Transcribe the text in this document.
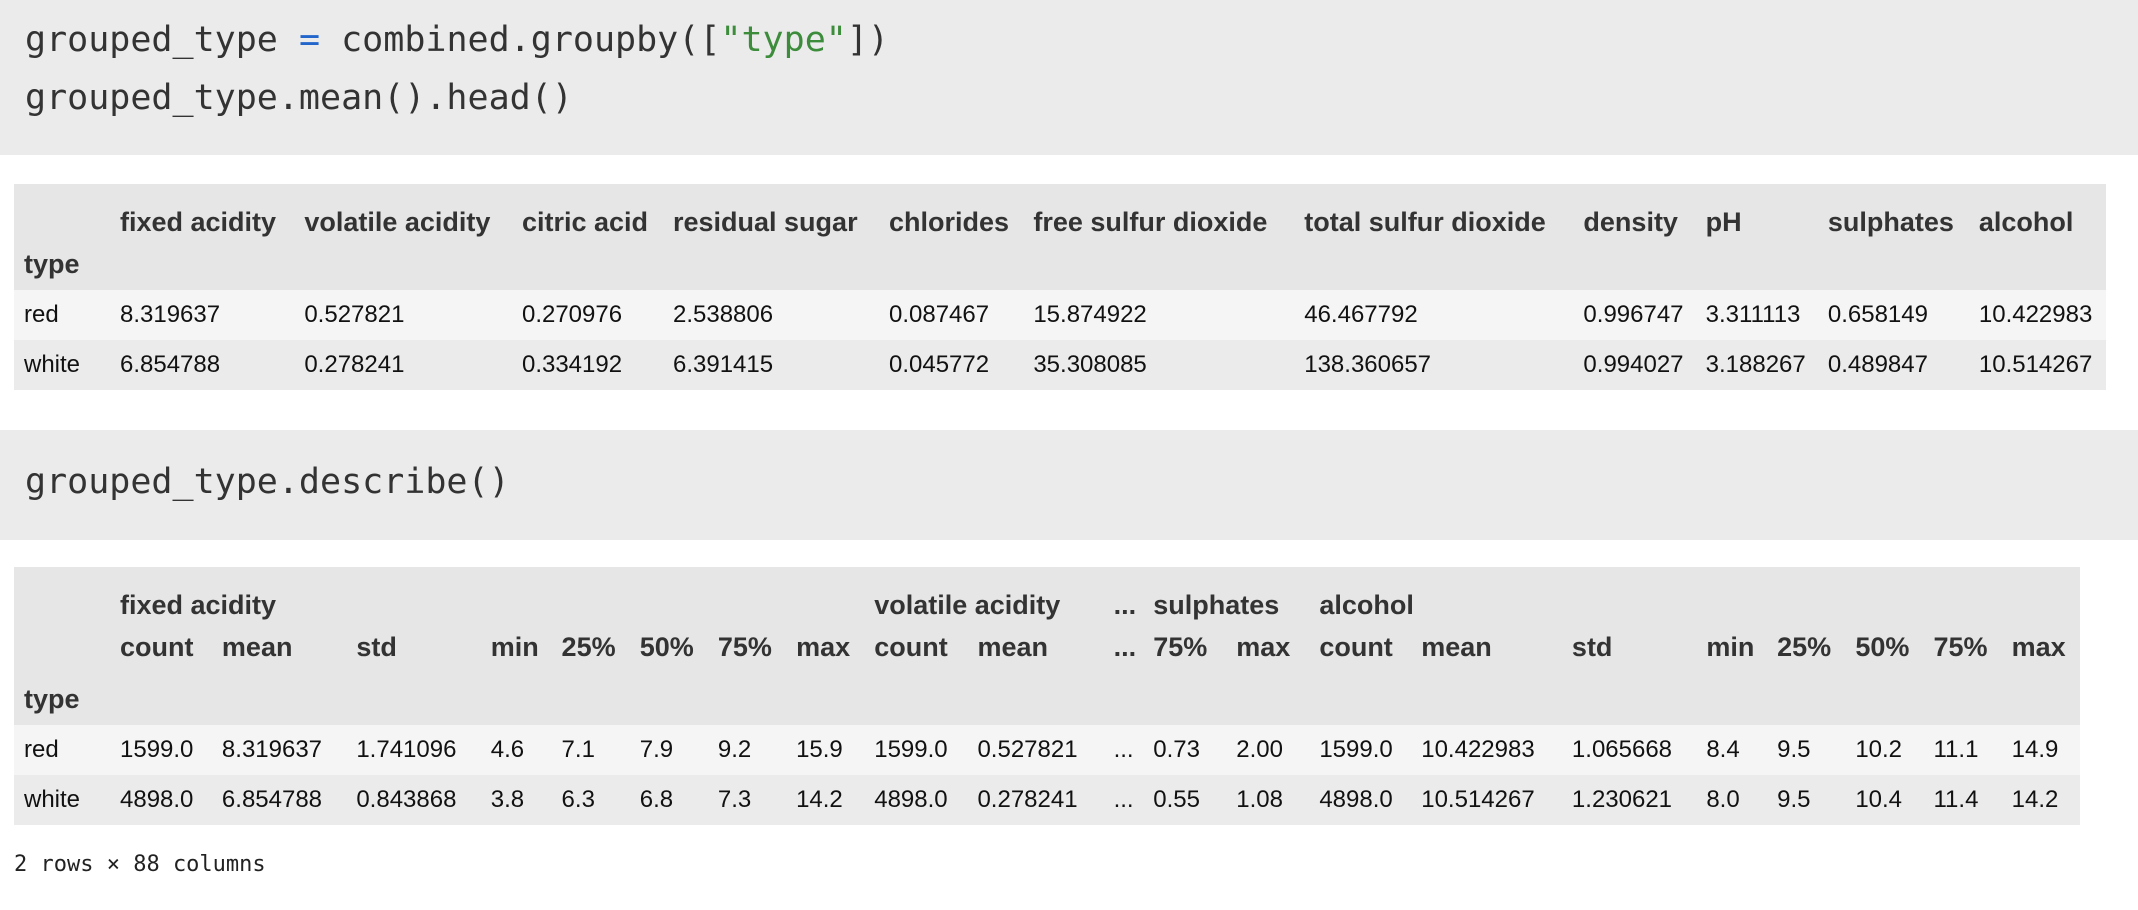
grouped_type = combined.groupby(["type"])
grouped_type.mean().head()
	fixed acidity	volatile acidity	citric acid	residual sugar	chlorides	free sulfur dioxide	total sulfur dioxide	density	pH	sulphates	alcohol
type											
red	8.319637	0.527821	0.270976	2.538806	0.087467	15.874922	46.467792	0.996747	3.311113	0.658149	10.422983
white	6.854788	0.278241	0.334192	6.391415	0.045772	35.308085	138.360657	0.994027	3.188267	0.489847	10.514267
grouped_type.describe()
	fixed acidity								volatile acidity		...	sulphates		alcohol							
	count	mean	std	min	25%	50%	75%	max	count	mean	...	75%	max	count	mean	std	min	25%	50%	75%	max
type																					
red	1599.0	8.319637	1.741096	4.6	7.1	7.9	9.2	15.9	1599.0	0.527821	...	0.73	2.00	1599.0	10.422983	1.065668	8.4	9.5	10.2	11.1	14.9
white	4898.0	6.854788	0.843868	3.8	6.3	6.8	7.3	14.2	4898.0	0.278241	...	0.55	1.08	4898.0	10.514267	1.230621	8.0	9.5	10.4	11.4	14.2
2 rows × 88 columns
